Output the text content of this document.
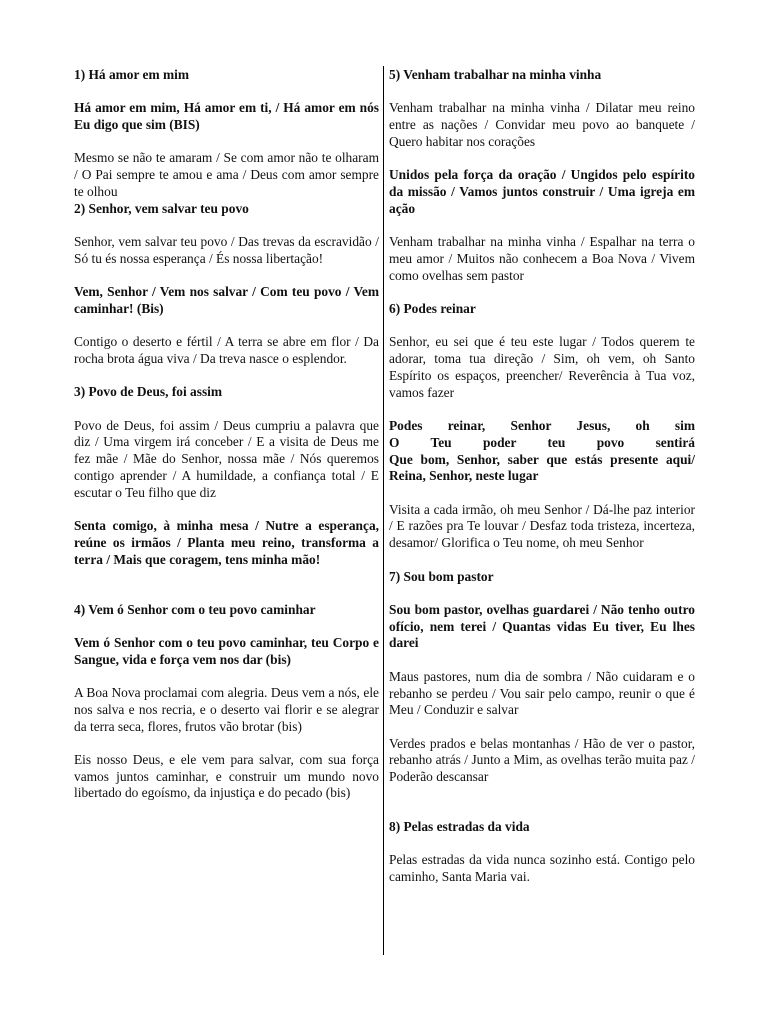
1) Há amor em mim

Há amor em mim, Há amor em ti, / Há amor em nós Eu digo que sim (BIS)

Mesmo se não te amaram / Se com amor não te olharam / O Pai sempre te amou e ama / Deus com amor sempre te olhou

2) Senhor, vem salvar teu povo

Senhor, vem salvar teu povo / Das trevas da escravidão / Só tu és nossa esperança / És nossa libertação!

Vem, Senhor / Vem nos salvar / Com teu povo / Vem caminhar! (Bis)

Contigo o deserto e fértil / A terra se abre em flor / Da rocha brota água viva / Da treva nasce o esplendor.

3) Povo de Deus, foi assim

Povo de Deus, foi assim / Deus cumpriu a palavra que diz / Uma virgem irá conceber / E a visita de Deus me fez mãe / Mãe do Senhor, nossa mãe / Nós queremos contigo aprender / A humildade, a confiança total / E escutar o Teu filho que diz

Senta comigo, à minha mesa / Nutre a esperança, reúne os irmãos / Planta meu reino, transforma a terra / Mais que coragem, tens minha mão!

4) Vem ó Senhor com o teu povo caminhar

Vem ó Senhor com o teu povo caminhar, teu Corpo e Sangue, vida e força vem nos dar (bis)

A Boa Nova proclamai com alegria. Deus vem a nós, ele nos salva e nos recria, e o deserto vai florir e se alegrar da terra seca, flores, frutos vão brotar (bis)

Eis nosso Deus, e ele vem para salvar, com sua força vamos juntos caminhar, e construir um mundo novo libertado do egoísmo, da injustiça e do pecado (bis)

5) Venham trabalhar na minha vinha

Venham trabalhar na minha vinha / Dilatar meu reino entre as nações / Convidar meu povo ao banquete / Quero habitar nos corações

Unidos pela força da oração / Ungidos pelo espírito da missão / Vamos juntos construir / Uma igreja em ação

Venham trabalhar na minha vinha / Espalhar na terra o meu amor / Muitos não conhecem a Boa Nova / Vivem como ovelhas sem pastor

6) Podes reinar

Senhor, eu sei que é teu este lugar / Todos querem te adorar, toma tua direção / Sim, oh vem, oh Santo Espírito os espaços, preencher/ Reverência à Tua voz, vamos fazer

Podes reinar, Senhor Jesus, oh sim

O Teu poder teu povo sentirá

Que bom, Senhor, saber que estás presente aqui/ Reina, Senhor, neste lugar

Visita a cada irmão, oh meu Senhor / Dá-lhe paz interior / E razões pra Te louvar / Desfaz toda tristeza, incerteza, desamor/ Glorifica o Teu nome, oh meu Senhor

7) Sou bom pastor

Sou bom pastor, ovelhas guardarei / Não tenho outro ofício, nem terei / Quantas vidas Eu tiver, Eu lhes darei

Maus pastores, num dia de sombra / Não cuidaram e o rebanho se perdeu / Vou sair pelo campo, reunir o que é Meu / Conduzir e salvar

Verdes prados e belas montanhas / Hão de ver o pastor, rebanho atrás / Junto a Mim, as ovelhas terão muita paz / Poderão descansar

8) Pelas estradas da vida

Pelas estradas da vida nunca sozinho está. Contigo pelo caminho, Santa Maria vai.
